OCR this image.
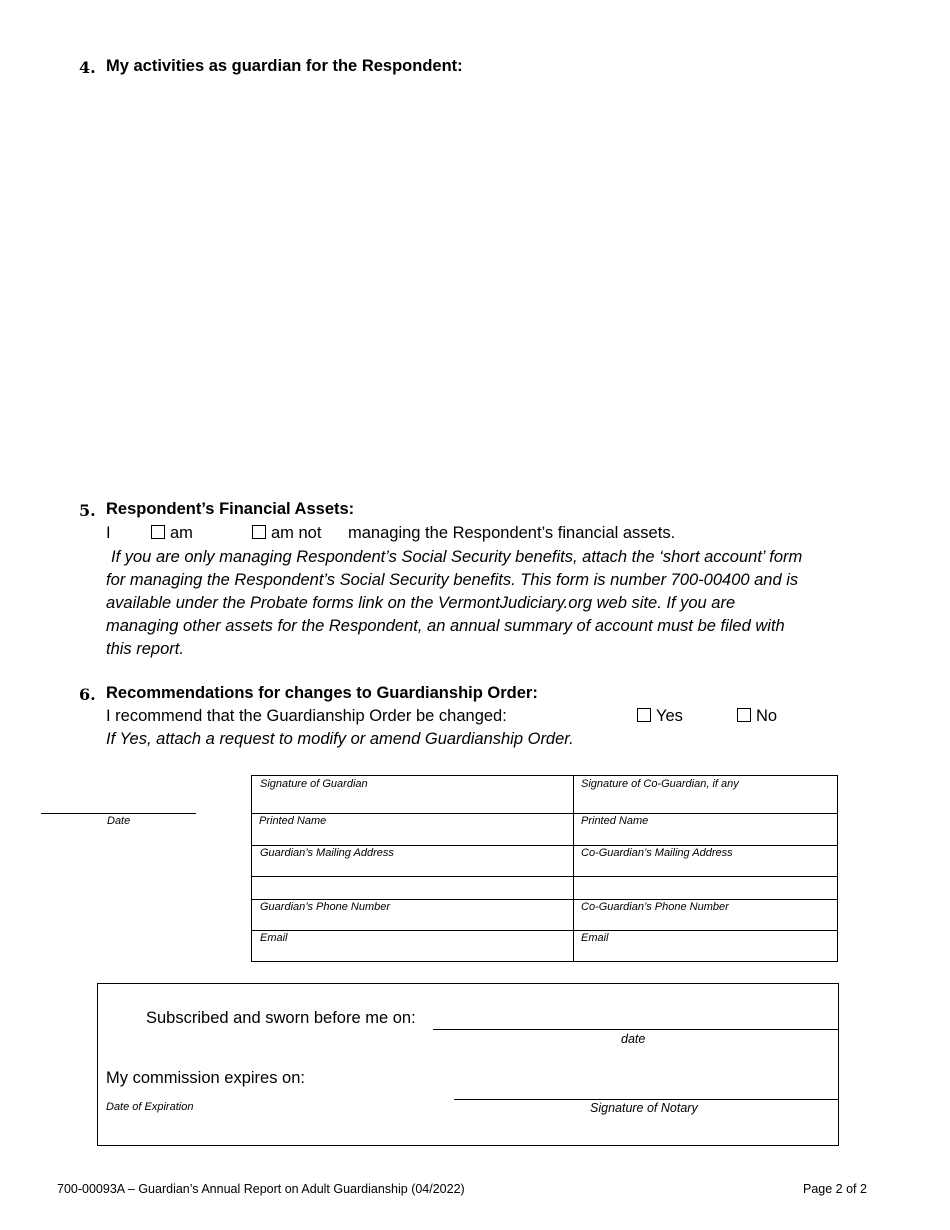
4. My activities as guardian for the Respondent:
5. Respondent’s Financial Assets:
I	am	am not managing the Respondent’s financial assets.
If you are only managing Respondent’s Social Security benefits, attach the ‘short account’ form
for managing the Respondent’s Social Security benefits. This form is number 700-00400 and is
available under the Probate forms link on the VermontJudiciary.org web site. If you are
managing other assets for the Respondent, an annual summary of account must be filed with
this report.
6. Recommendations for changes to Guardianship Order:
I recommend that the Guardianship Order be changed:	Yes	No
If Yes, attach a request to modify or amend Guardianship Order.
Date
Signature of Guardian	Signature of Co-Guardian, if any
Printed Name	Printed Name
Guardian’s Mailing Address	Co-Guardian’s Mailing Address
Guardian’s Phone Number	Co-Guardian’s Phone Number
Email	Email
Subscribed and sworn before me on:
date
My commission expires on:
Date of Expiration	Signature of Notary
700-00093A – Guardian’s Annual Report on Adult Guardianship (04/2022)	Page 2 of 2
